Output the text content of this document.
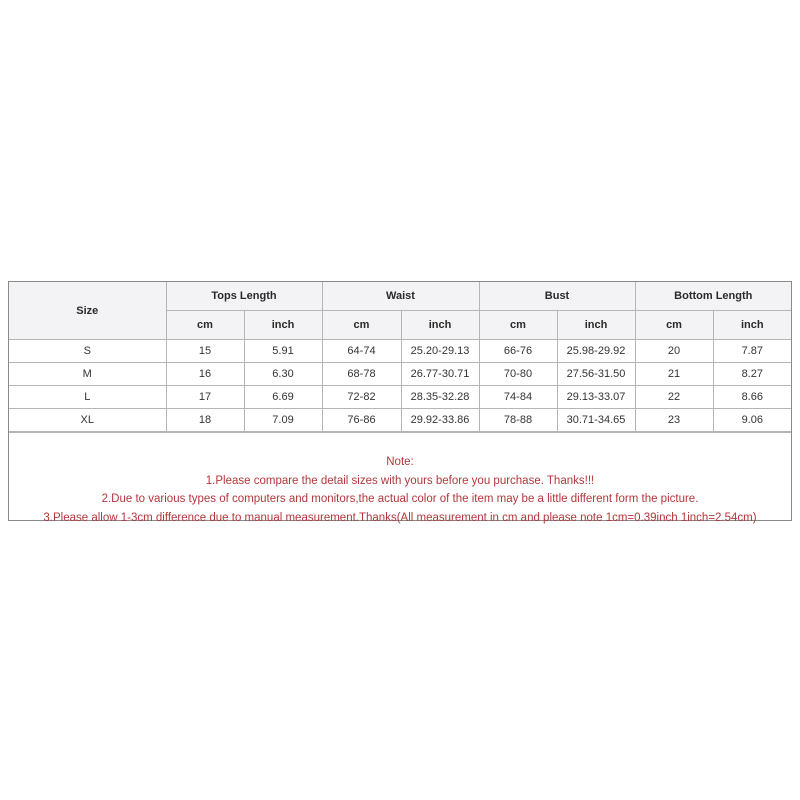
Size	Tops Length		Waist		Bust		Bottom Length	
	cm	inch	cm	inch	cm	inch	cm	inch
S	15	5.91	64-74	25.20-29.13	66-76	25.98-29.92	20	7.87
M	16	6.30	68-78	26.77-30.71	70-80	27.56-31.50	21	8.27
L	17	6.69	72-82	28.35-32.28	74-84	29.13-33.07	22	8.66
XL	18	7.09	76-86	29.92-33.86	78-88	30.71-34.65	23	9.06
Note:
1.Please compare the detail sizes with yours before you purchase. Thanks!!!
2.Due to various types of computers and monitors,the actual color of the item may be a little different form the picture.
3.Please allow 1-3cm difference due to manual measurement.Thanks(All measurement in cm and please note 1cm=0.39inch 1inch=2.54cm)
